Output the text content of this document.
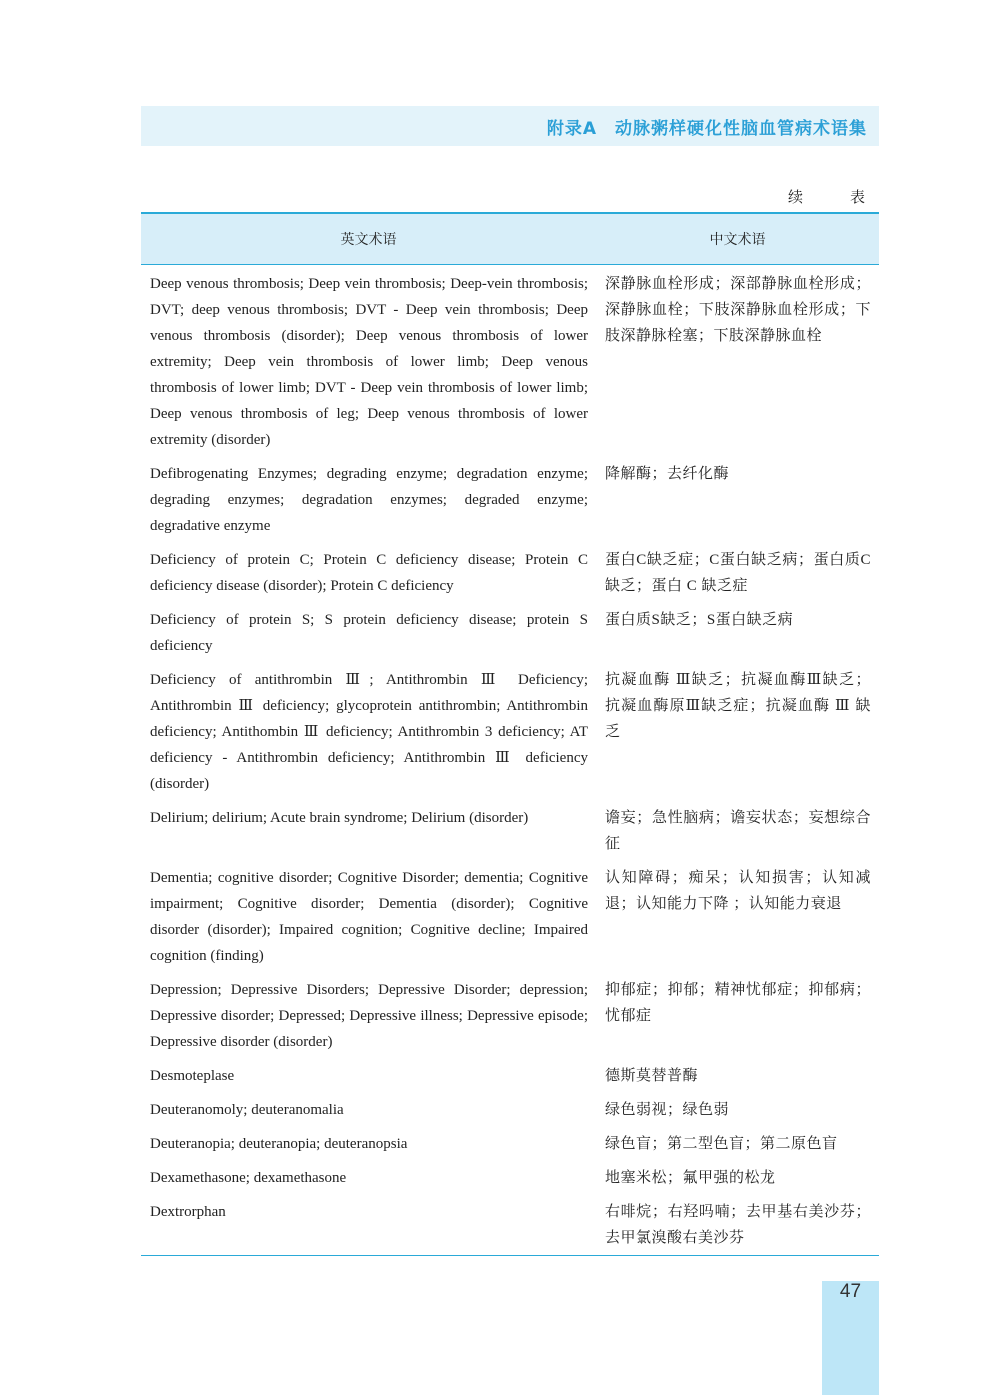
附录A　动脉粥样硬化性脑血管病术语集
续　表
英文术语	中文术语
Deep venous thrombosis; Deep vein thrombosis; Deep-vein thrombosis; DVT; deep venous thrombosis; DVT - Deep vein thrombosis; Deep venous thrombosis (disorder); Deep venous thrombosis of lower extremity; Deep vein thrombosis of lower limb; Deep venous thrombosis of lower limb; DVT - Deep vein thrombosis of lower limb; Deep venous thrombosis of leg; Deep venous thrombosis of lower extremity (disorder)	深静脉血栓形成；深部静脉血栓形成；深静脉血栓；下肢深静脉血栓形成；下肢深静脉栓塞；下肢深静脉血栓
Defibrogenating Enzymes; degrading enzyme; degradation enzyme; degrading enzymes; degradation enzymes; degraded enzyme; degradative enzyme	降解酶；去纤化酶
Deficiency of protein C; Protein C deficiency disease; Protein C deficiency disease (disorder); Protein C deficiency	蛋白C缺乏症；C蛋白缺乏病；蛋白质C缺乏；蛋白 C 缺乏症
Deficiency of protein S; S protein deficiency disease; protein S deficiency	蛋白质S缺乏；S蛋白缺乏病
Deficiency of antithrombin Ⅲ; Antithrombin Ⅲ Deficiency; Antithrombin Ⅲ deficiency; glycoprotein antithrombin; Antithrombin deficiency; Antithombin Ⅲ deficiency; Antithrombin 3 deficiency; AT deficiency - Antithrombin deficiency; Antithrombin Ⅲ deficiency (disorder)	抗凝血酶 Ⅲ缺乏；抗凝血酶Ⅲ缺乏；抗凝血酶原Ⅲ缺乏症；抗凝血酶 Ⅲ 缺乏
Delirium; delirium; Acute brain syndrome; Delirium (disorder)	谵妄；急性脑病；谵妄状态；妄想综合征
Dementia; cognitive disorder; Cognitive Disorder; dementia; Cognitive impairment; Cognitive disorder; Dementia (disorder); Cognitive disorder (disorder); Impaired cognition; Cognitive decline; Impaired cognition (finding)	认知障碍；痴呆；认知损害；认知减退；认知能力下降 ；认知能力衰退
Depression; Depressive Disorders; Depressive Disorder; depression; Depressive disorder; Depressed; Depressive illness; Depressive episode; Depressive disorder (disorder)	抑郁症；抑郁；精神忧郁症；抑郁病；忧郁症
Desmoteplase	德斯莫替普酶
Deuteranomoly; deuteranomalia	绿色弱视；绿色弱
Deuteranopia; deuteranopia; deuteranopsia	绿色盲；第二型色盲；第二原色盲
Dexamethasone; dexamethasone	地塞米松；氟甲强的松龙
Dextrorphan	右啡烷；右羟吗喃；去甲基右美沙芬；去甲氯溴酸右美沙芬
47
